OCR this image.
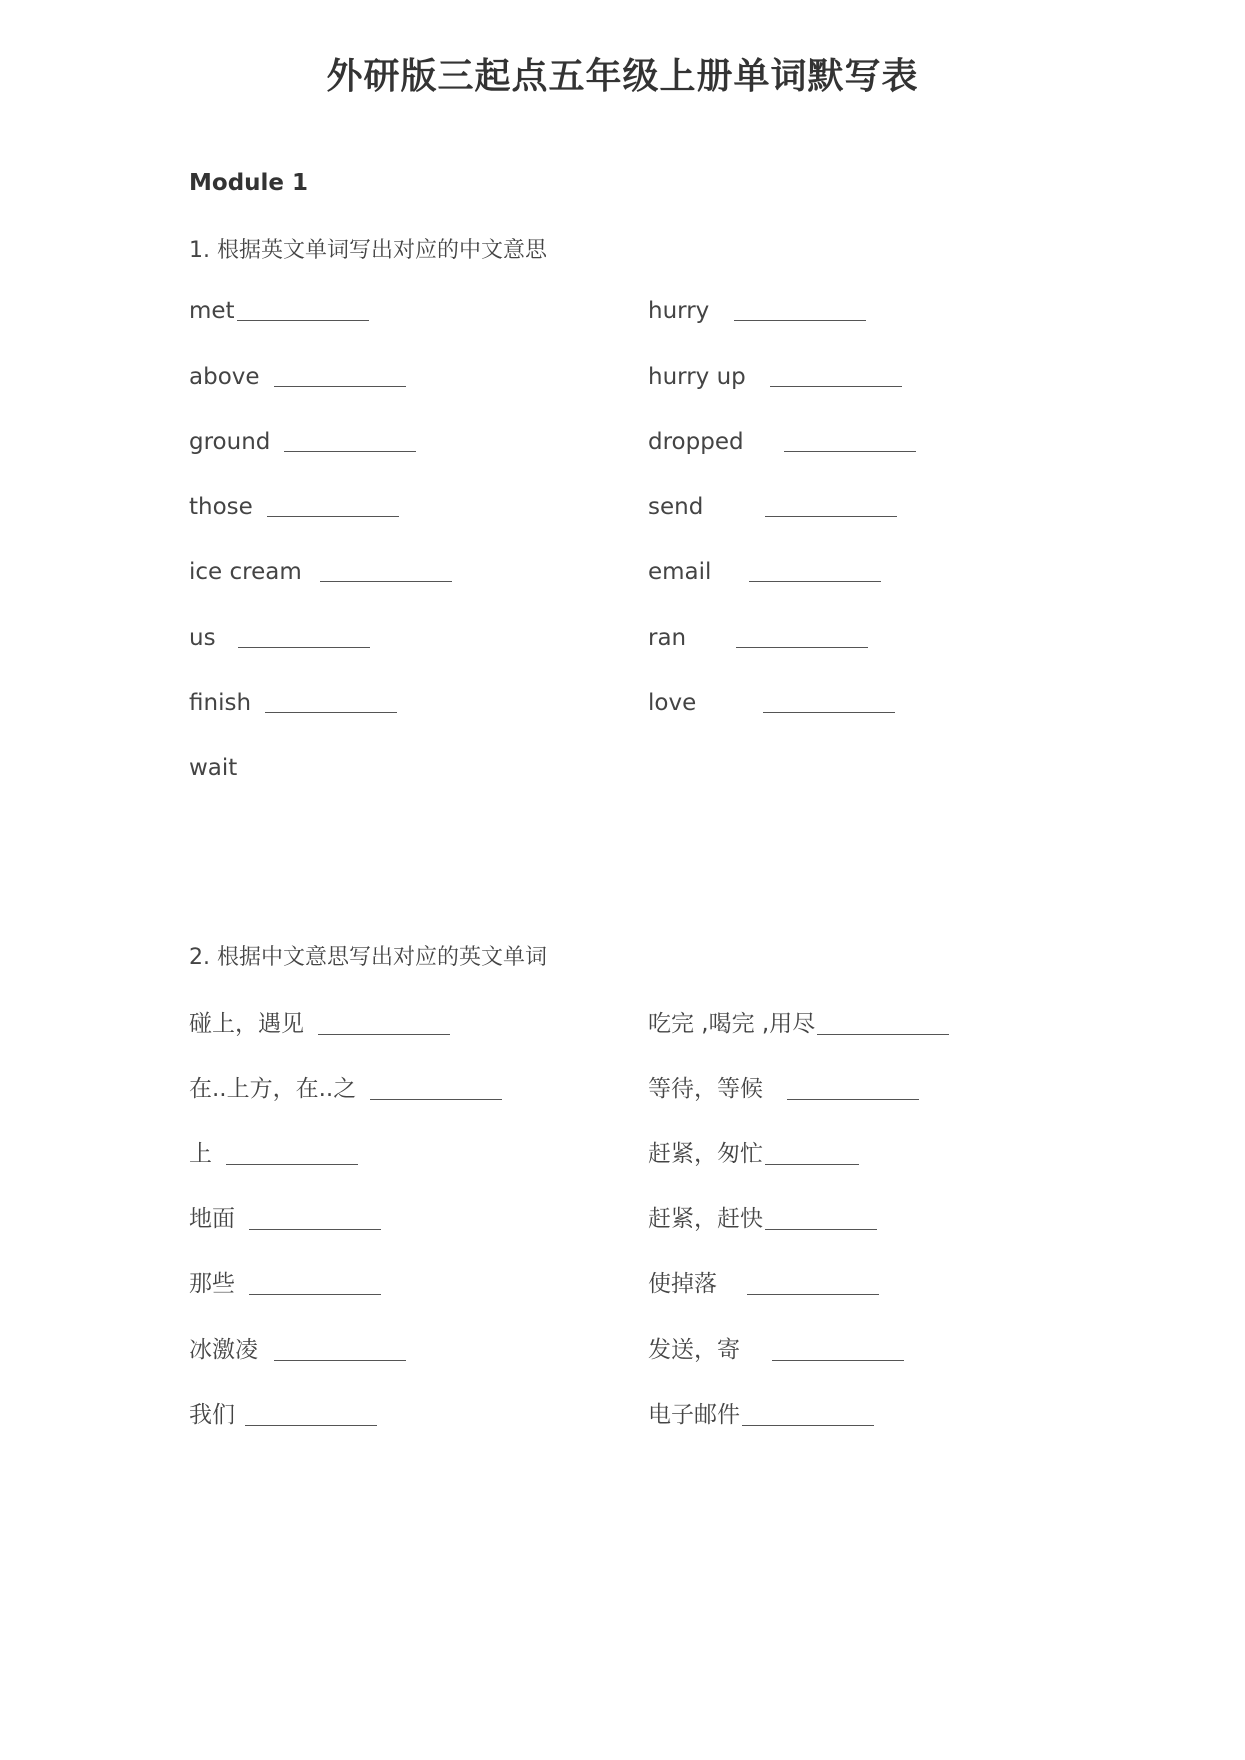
外研版三起点五年级上册单词默写表
Module 1
1. 根据英文单词写出对应的中文意思
met
above
ground
those
ice cream
us
finish
wait
hurry
hurry up
dropped
send
email
ran
love
2. 根据中文意思写出对应的英文单词
碰上，遇见
在..上方，在..之
上
地面
那些
冰激凌
我们
吃完 ,喝完 ,用尽
等待，等候
赶紧，匆忙
赶紧，赶快
使掉落
发送，寄
电子邮件
